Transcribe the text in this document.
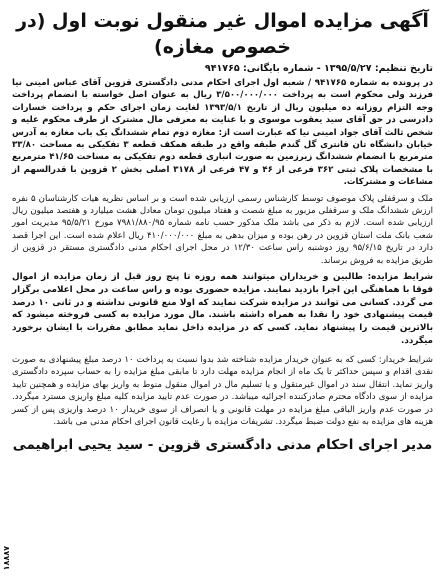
آگهی مزایده اموال غیر منقول نوبت اول (در خصوص مغازه)
تاریخ تنظیم: ۱۳۹۵/۵/۲۷ - شماره بایگانی: ۹۴۱۷۶۵

در پرونده به شماره ۹۴۱۷۶۵ / شعبه اول اجرای احکام مدنی دادگستری قزوین آقای عباس امینی نیا فرزند ولی محکوم است به پرداخت ۳/۵۰۰/۰۰۰/۰۰۰ ریال به عنوان اصل خواسته با انضمام پرداخت وجه التزام روزانه ده میلیون ریال از تاریخ ۱۳۹۳/۵/۱ لغایت زمان اجرای حکم و پرداخت خسارات دادرسی در حق آقای سید یعقوب موسوی و با عنایت به معرفی مال مشترک از طرف محکوم علیه و شخص ثالث آقای جواد امینی نیا که عبارت است از: مغازه دوم تمام ششدانگ یک باب مغازه به آدرس خیابان دانشگاه تان قانتری گل گندم طبقه واقع در طبقه همکف قطعه ۳ تفکیکی به مساحت ۳۳/۸۰ مترمربع با انضمام ششدانگ زیرزمین به صورت انباری قطعه دوم تفکیکی به مساحت ۴۱/۶۵ مترمربع با مشخصات پلاک ثبتی ۳۶۲ فرعی از ۴۶ و ۴۷ فرعی از ۳۱۷۸ اصلی بخش ۲ قزوین با قدرالسهم از مشاعات و مشترکات.

ملک و سرقفلی پلاک موصوف توسط کارشناس رسمی ارزیابی شده است و بر اساس نظریه هیات کارشناسان ۵ نفره ارزش ششدانگ ملک و سرقفلی مزبور به مبلغ شصت و هفتاد میلیون تومان معادل هشت میلیارد و هفتصد میلیون ریال ارزیابی شده است. لازم به ذکر می باشد ملک مذکور حسب نامه شماره ۷۹۸۱/۸۸۰/۹۵ مورخ ۹۵/۵/۲۱ مدیریت امور شعب بانک ملت استان قزوین در رهن بوده و میزان بدهی به مبلغ ۴۱۰/۰۰۰/۰۰۰ ریال اعلام شده است. این اجرا قصد دارد در تاریخ ۹۵/۶/۱۵ روز دوشنبه راس ساعت ۱۲/۳۰ در محل اجرای احکام مدنی دادگستری مستقر در قزوین از طریق مزایده به فروش برساند.

شرایط مزایده: طالبین و خریداران میتوانند همه روزه تا پنج روز قبل از زمان مزایده از اموال فوقا با هماهنگی این اجرا بازدید نمایند. مزایده حضوری بوده و راس ساعت در محل اعلامی برگزار می گردد. کسانی می توانند در مزایده شرکت نمایند که اولا منع قانونی نداشته و در ثانی ۱۰ درصد قیمت پیشنهادی خود را نقدا به همراه داشته باشند. مال مورد مزایده به کسی فروخته میشود که بالاترین قیمت را پیشنهاد نماید. کسی که در مزایده داخل نماید مطابق مقررات با ایشان برخورد میگردد.

شرایط خریدار: کسی که به عنوان خریدار مزایده شناخته شد بدوا نسبت به پرداخت ۱۰ درصد مبلغ پیشنهادی به صورت نقدی اقدام و سپس حداکثر تا یک ماه از انجام مزایده مهلت دارد تا مابقی مبلغ مزایده را به حساب سپرده دادگستری واریز نماید. انتقال سند در اموال غیرمنقول و یا تسلیم مال در اموال منقول منوط به واریز بهای مزایده و همچنین تایید مزایده از سوی دادگاه محترم صادرکننده اجرائیه میباشد. در صورت عدم تایید مزایده کلیه مبلغ واریزی مسترد میگردد. در صورت عدم واریز الباقی مبلغ مزایده در مهلت قانونی و یا انصراف از سوی خریدار ۱۰ درصد واریزی پس از کسر هزینه های مزایده به نفع دولت ضبط میگردد. تشریفات مزایده با رعایت قانون اجرای احکام مدنی می باشد.

مدیر اجرای احکام مدنی دادگستری قزوین - سید یحیی ابراهیمی
۱۸۸۸۷
